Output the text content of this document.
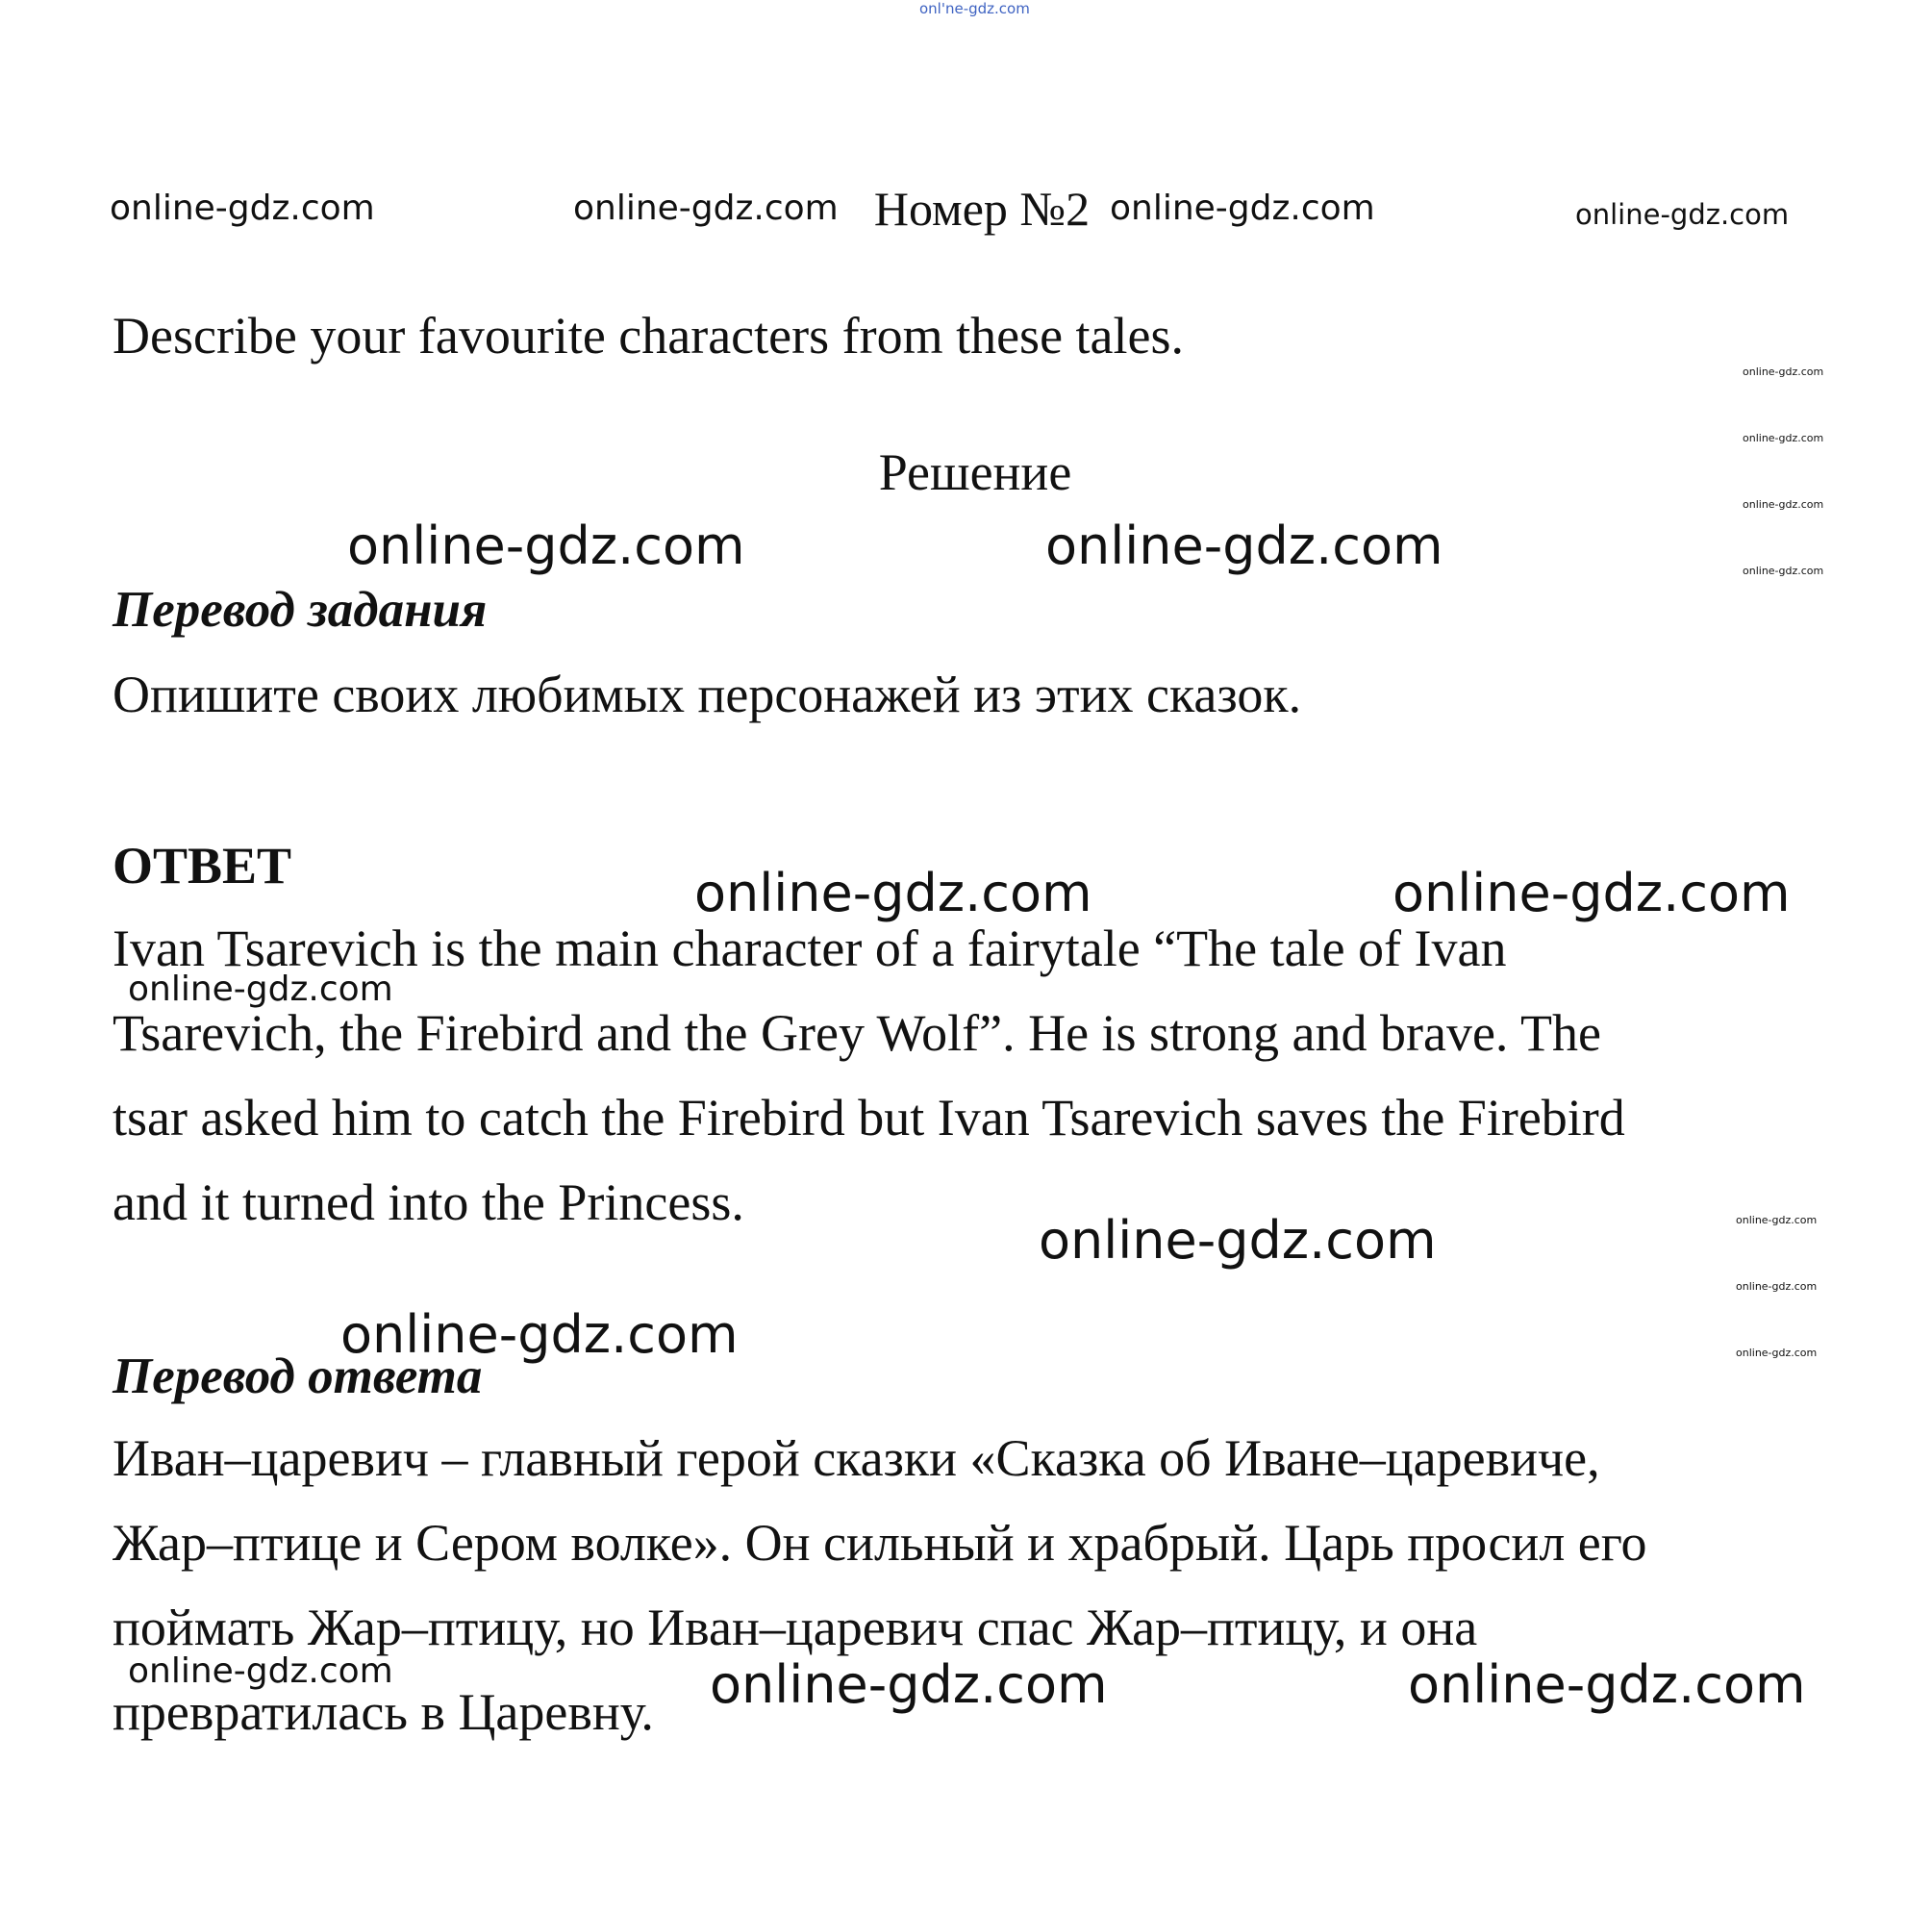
onl'ne-gdz.com
Номер №2
Describe your favourite characters from these tales.
Решение
Перевод задания
Опишите своих любимых персонажей из этих сказок.
ОТВЕТ
Ivan Tsarevich is the main character of a fairytale “The tale of Ivan
Tsarevich, the Firebird and the Grey Wolf”. He is strong and brave. The
tsar asked him to catch the Firebird but Ivan Tsarevich saves the Firebird
and it turned into the Princess.
Перевод ответа
Иван–царевич – главный герой сказки «Сказка об Иване–царевиче,
Жар–птице и Сером волке». Он сильный и храбрый. Царь просил его
поймать Жар–птицу, но Иван–царевич спас Жар–птицу, и она
превратилась в Царевну.
online-gdz.com	online-gdz.com	online-gdz.com	online-gdz.com
online-gdz.com
online-gdz.com
online-gdz.com
online-gdz.com
online-gdz.com	online-gdz.com
online-gdz.com	online-gdz.com
online-gdz.com
online-gdz.com	online-gdz.com
online-gdz.com
online-gdz.com
online-gdz.com
online-gdz.com	online-gdz.com	online-gdz.com
